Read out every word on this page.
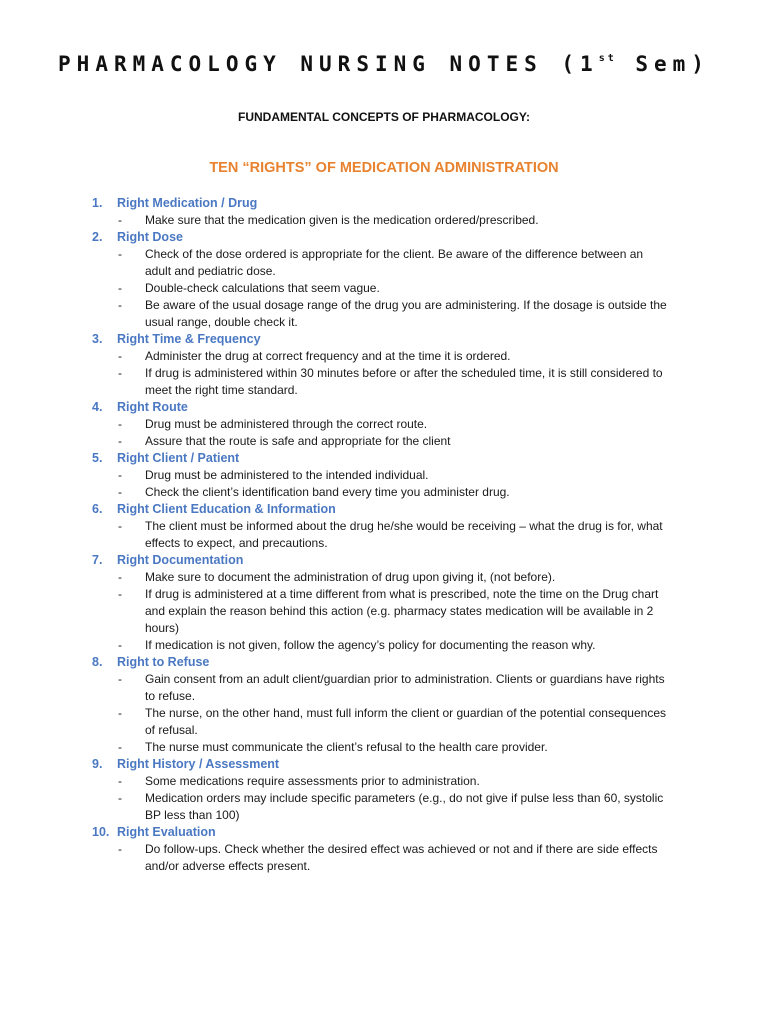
PHARMACOLOGY NURSING NOTES (1st Sem)
FUNDAMENTAL CONCEPTS OF PHARMACOLOGY:
TEN “RIGHTS” OF MEDICATION ADMINISTRATION
1.	Right Medication / Drug
-	Make sure that the medication given is the medication ordered/prescribed.
2.	Right Dose
-	Check of the dose ordered is appropriate for the client. Be aware of the difference between an adult and pediatric dose.
-	Double-check calculations that seem vague.
-	Be aware of the usual dosage range of the drug you are administering. If the dosage is outside the usual range, double check it.
3.	Right Time & Frequency
-	Administer the drug at correct frequency and at the time it is ordered.
-	If drug is administered within 30 minutes before or after the scheduled time, it is still considered to meet the right time standard.
4.	Right Route
-	Drug must be administered through the correct route.
-	Assure that the route is safe and appropriate for the client
5.	Right Client / Patient
-	Drug must be administered to the intended individual.
-	Check the client’s identification band every time you administer drug.
6.	Right Client Education & Information
-	The client must be informed about the drug he/she would be receiving – what the drug is for, what effects to expect, and precautions.
7.	Right Documentation
-	Make sure to document the administration of drug upon giving it, (not before).
-	If drug is administered at a time different from what is prescribed, note the time on the Drug chart and explain the reason behind this action (e.g. pharmacy states medication will be available in 2 hours)
-	If medication is not given, follow the agency’s policy for documenting the reason why.
8.	Right to Refuse
-	Gain consent from an adult client/guardian prior to administration. Clients or guardians have rights to refuse.
-	The nurse, on the other hand, must full inform the client or guardian of the potential consequences of refusal.
-	The nurse must communicate the client’s refusal to the health care provider.
9.	Right History / Assessment
-	Some medications require assessments prior to administration.
-	Medication orders may include specific parameters (e.g., do not give if pulse less than 60, systolic BP less than 100)
10. Right Evaluation
-	Do follow-ups. Check whether the desired effect was achieved or not and if there are side effects and/or adverse effects present.
